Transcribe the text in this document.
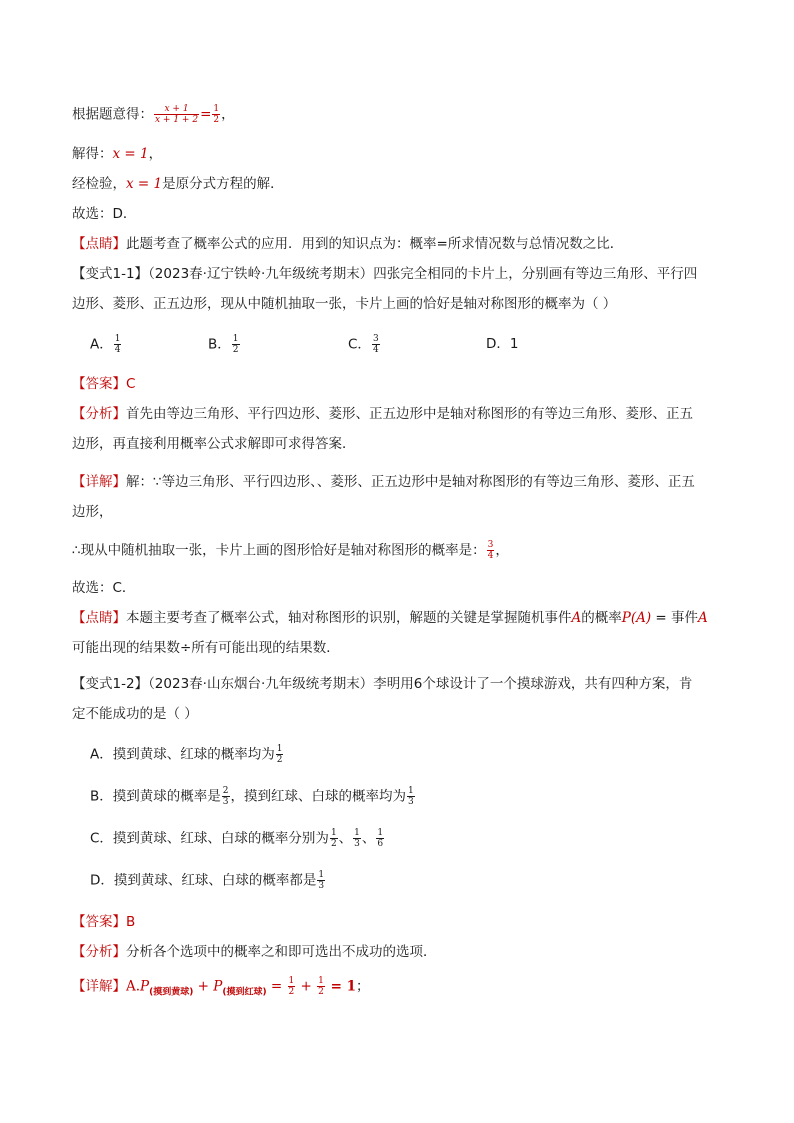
根据题意得： $\frac{x + 1}{x + 1 + 2} = \frac{1}{2}$ ，
解得：x = 1，
经检验，x = 1是原分式方程的解．
故选：D．
【点睛】此题考查了概率公式的应用．用到的知识点为：概率=所求情况数与总情况数之比．
【变式1-1】（2023春·辽宁铁岭·九年级统考期末）四张完全相同的卡片上，分别画有等边三角形、平行四
边形、菱形、正五边形，现从中随机抽取一张，卡片上画的恰好是轴对称图形的概率为（ ）
A． $\frac{1}{4}$	B． $\frac{1}{2}$	C． $\frac{3}{4}$	D．1
【答案】C
【分析】首先由等边三角形、平行四边形、菱形、正五边形中是轴对称图形的有等边三角形、菱形、正五
边形，再直接利用概率公式求解即可求得答案．
【详解】解：∵等边三角形、平行四边形、、菱形、正五边形中是轴对称图形的有等边三角形、菱形、正五
边形，
∴现从中随机抽取一张，卡片上画的图形恰好是轴对称图形的概率是： $\frac{3}{4}$ ，
故选：C．
【点睛】本题主要考查了概率公式，轴对称图形的识别，解题的关键是掌握随机事件A的概率P(A) = 事件A
可能出现的结果数÷所有可能出现的结果数．
【变式1-2】（2023春·山东烟台·九年级统考期末）李明用6个球设计了一个摸球游戏，共有四种方案，肯
定不能成功的是（ ）
A．摸到黄球、红球的概率均为 $\frac{1}{2}$
B．摸到黄球的概率是 $\frac{2}{3}$ ，摸到红球、白球的概率均为 $\frac{1}{3}$
C．摸到黄球、红球、白球的概率分别为 $\frac{1}{2}$ 、 $\frac{1}{3}$ 、 $\frac{1}{6}$
D．摸到黄球、红球、白球的概率都是 $\frac{1}{3}$
【答案】B
【分析】分析各个选项中的概率之和即可选出不成功的选项．
【详解】$A.P_{(摸到黄球)} + P_{(摸到红球)} = \frac{1}{2} + \frac{1}{2} = 1$；
